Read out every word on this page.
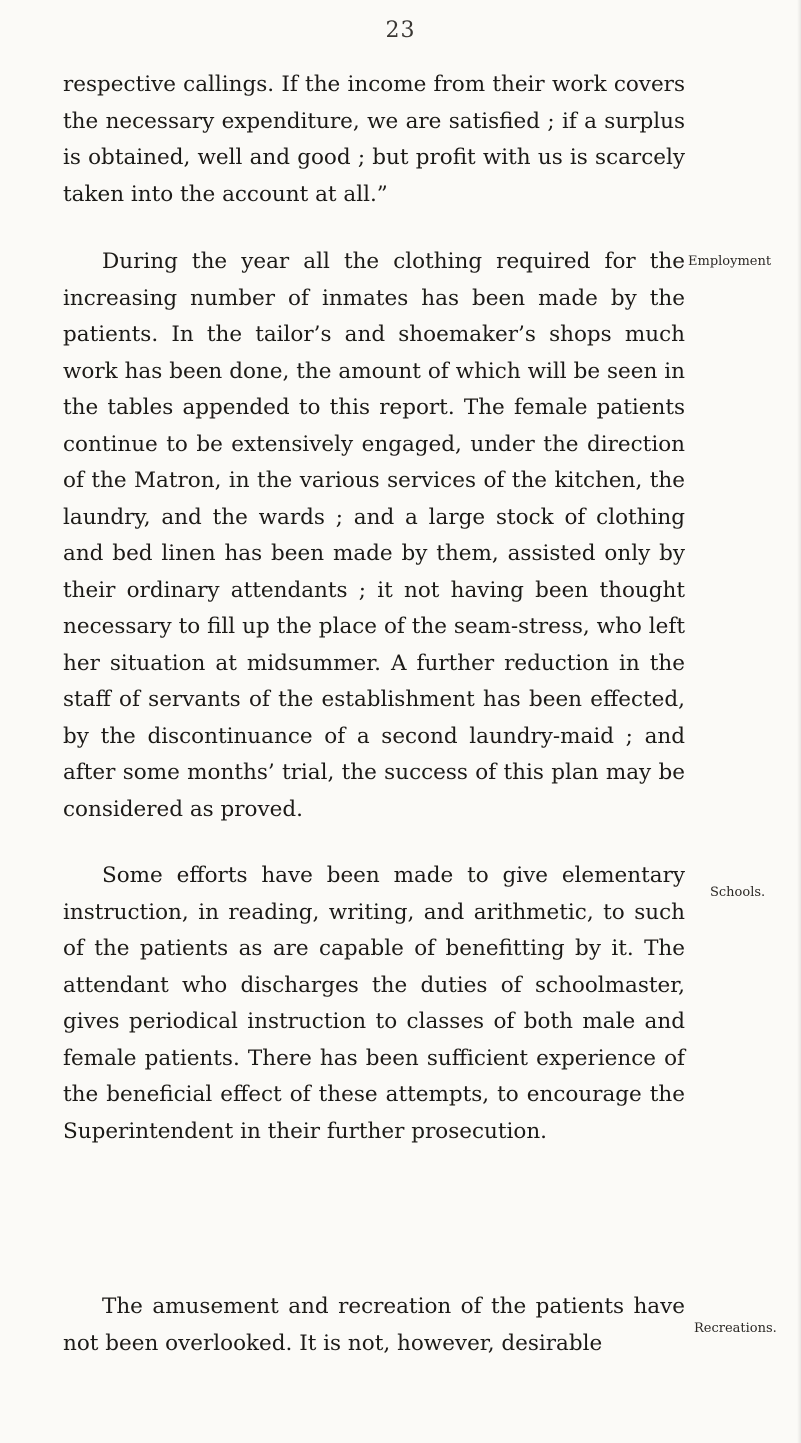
23

respective callings. If the income from their work covers the necessary expenditure, we are satisfied ; if a surplus is obtained, well and good ; but profit with us is scarcely taken into the account at all.”

During the year all the clothing required for the increasing number of inmates has been made by the patients. In the tailor’s and shoemaker’s shops much work has been done, the amount of which will be seen in the tables appended to this report. The female patients continue to be extensively engaged, under the direction of the Matron, in the various services of the kitchen, the laundry, and the wards ; and a large stock of clothing and bed linen has been made by them, assisted only by their ordinary attendants ; it not having been thought necessary to fill up the place of the seam-stress, who left her situation at midsummer. A further reduction in the staff of servants of the establishment has been effected, by the discontinuance of a second laundry-maid ; and after some months’ trial, the success of this plan may be considered as proved.

Employment

Some efforts have been made to give elementary instruction, in reading, writing, and arithmetic, to such of the patients as are capable of benefitting by it. The attendant who discharges the duties of schoolmaster, gives periodical instruction to classes of both male and female patients. There has been sufficient experience of the beneficial effect of these attempts, to encourage the Superintendent in their further prosecution.

Schools.

The amusement and recreation of the patients have not been overlooked. It is not, however, desirable

Recreations.
